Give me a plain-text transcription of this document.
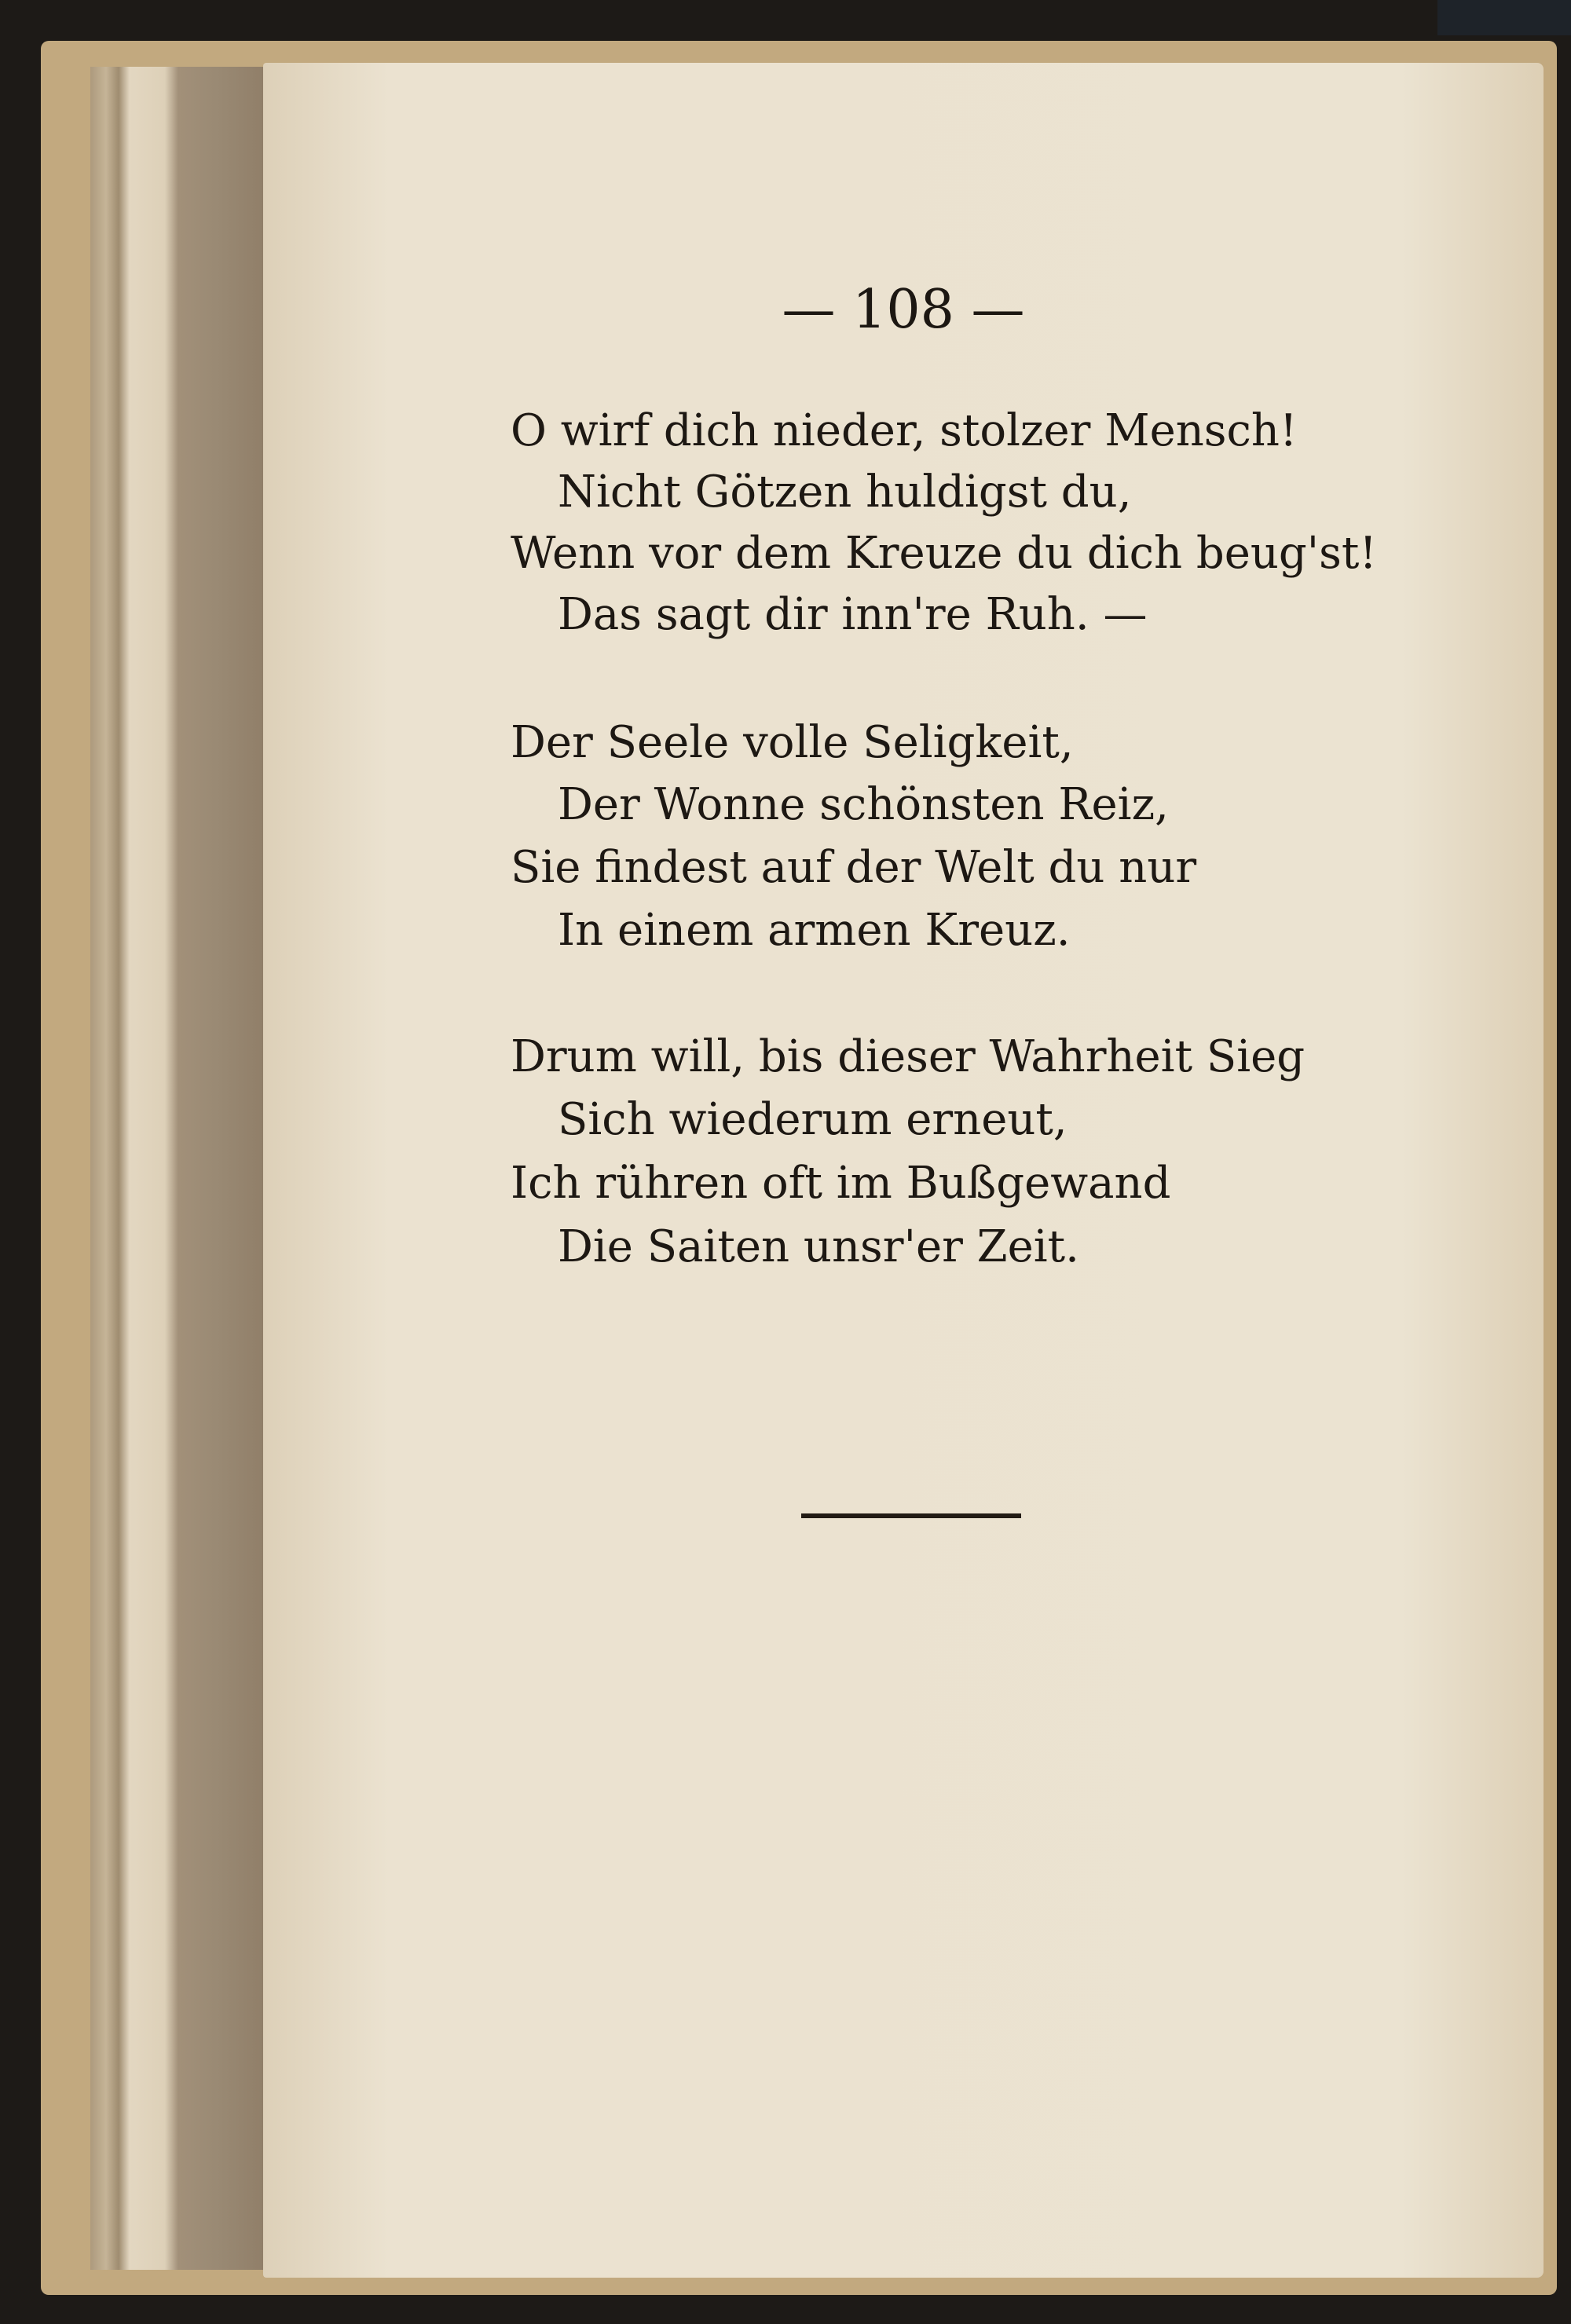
— 108 —
O wirf dich nieder, stolzer Mensch!
Nicht Götzen huldigst du,
Wenn vor dem Kreuze du dich beug'st!
Das sagt dir inn're Ruh. —
Der Seele volle Seligkeit,
Der Wonne schönsten Reiz,
Sie findest auf der Welt du nur
In einem armen Kreuz.
Drum will, bis dieser Wahrheit Sieg
Sich wiederum erneut,
Ich rühren oft im Bußgewand
Die Saiten unsr'er Zeit.
